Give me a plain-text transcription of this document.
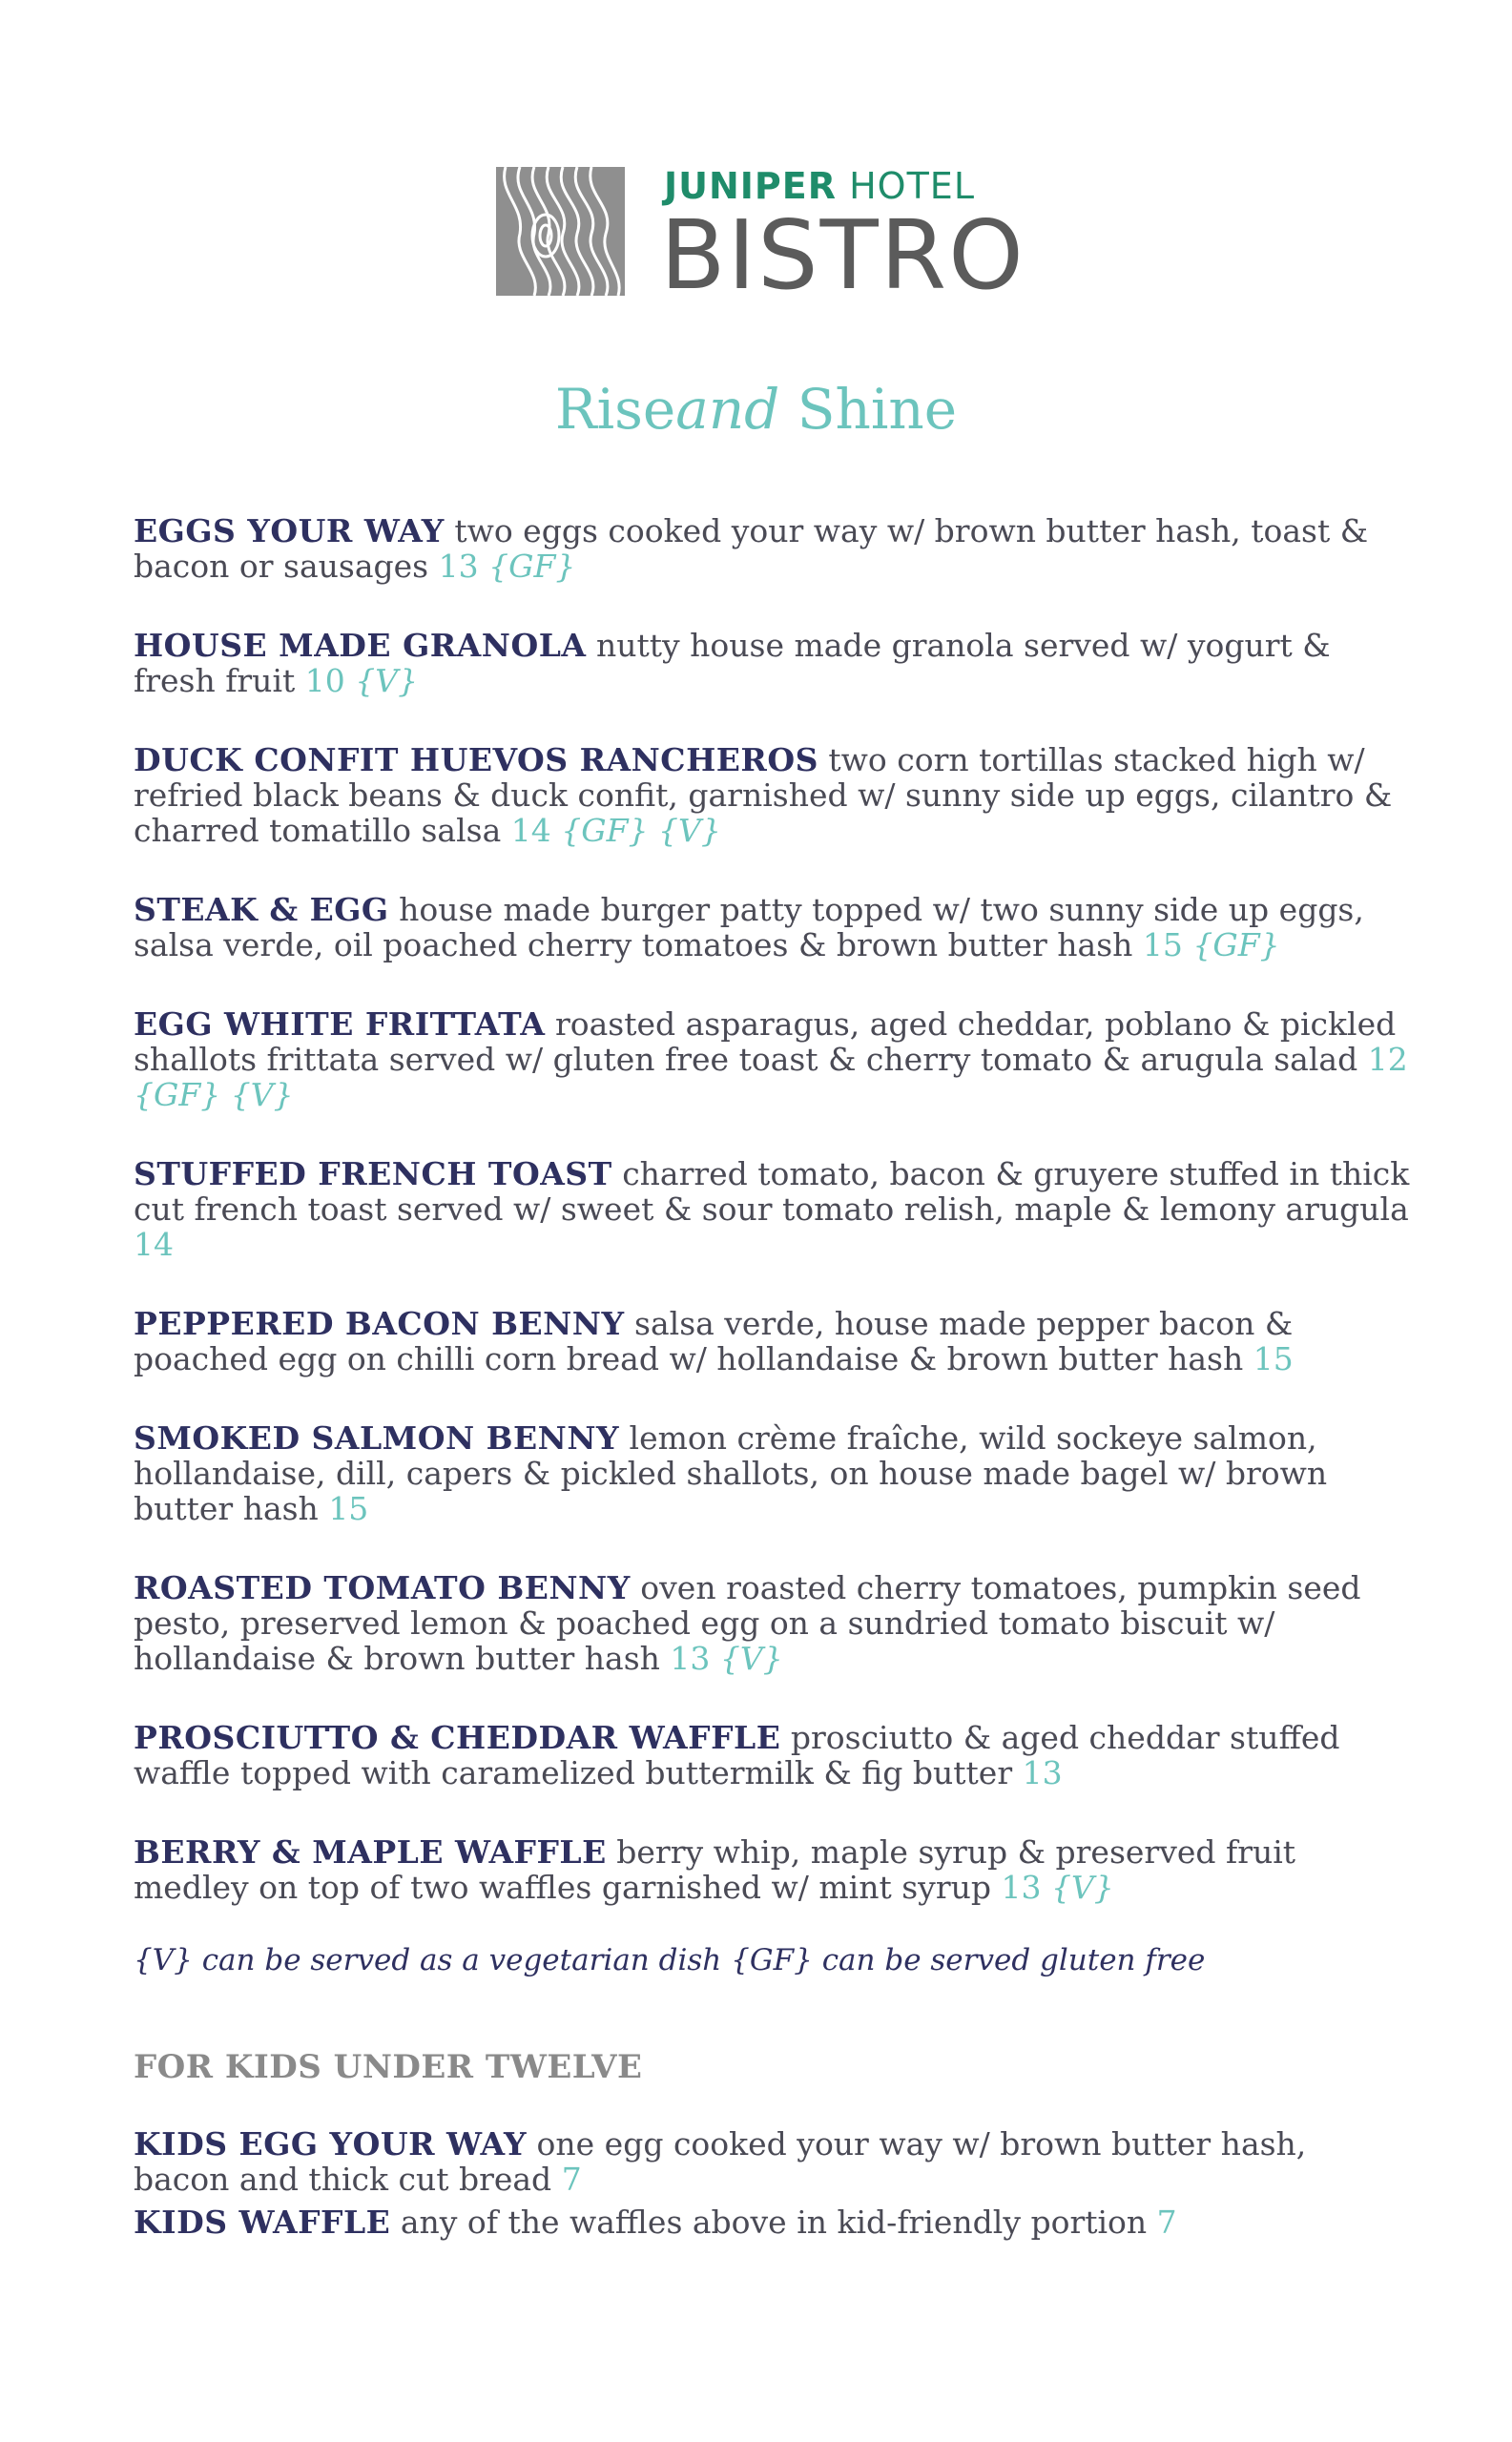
JUNIPER HOTEL
BISTRO
Riseand Shine
EGGS YOUR WAY two eggs cooked your way w/ brown butter hash, toast & bacon or sausages 13 {GF}
HOUSE MADE GRANOLA nutty house made granola served w/ yogurt & fresh fruit 10 {V}
DUCK CONFIT HUEVOS RANCHEROS two corn tortillas stacked high w/ refried black beans & duck confit, garnished w/ sunny side up eggs, cilantro & charred tomatillo salsa 14 {GF} {V}
STEAK & EGG house made burger patty topped w/ two sunny side up eggs, salsa verde, oil poached cherry tomatoes & brown butter hash 15 {GF}
EGG WHITE FRITTATA roasted asparagus, aged cheddar, poblano & pickled shallots frittata served w/ gluten free toast & cherry tomato & arugula salad 12 {GF} {V}
STUFFED FRENCH TOAST charred tomato, bacon & gruyere stuffed in thick cut french toast served w/ sweet & sour tomato relish, maple & lemony arugula 14
PEPPERED BACON BENNY salsa verde, house made pepper bacon & poached egg on chilli corn bread w/ hollandaise & brown butter hash 15
SMOKED SALMON BENNY lemon crème fraîche, wild sockeye salmon, hollandaise, dill, capers & pickled shallots, on house made bagel w/ brown butter hash 15
ROASTED TOMATO BENNY oven roasted cherry tomatoes, pumpkin seed pesto, preserved lemon & poached egg on a sundried tomato biscuit w/ hollandaise & brown butter hash 13 {V}
PROSCIUTTO & CHEDDAR WAFFLE prosciutto & aged cheddar stuffed waffle topped with caramelized buttermilk & fig butter 13
BERRY & MAPLE WAFFLE berry whip, maple syrup & preserved fruit medley on top of two waffles garnished w/ mint syrup 13 {V}
{V} can be served as a vegetarian dish {GF} can be served gluten free
FOR KIDS UNDER TWELVE
KIDS EGG YOUR WAY one egg cooked your way w/ brown butter hash, bacon and thick cut bread 7
KIDS WAFFLE any of the waffles above in kid-friendly portion 7
